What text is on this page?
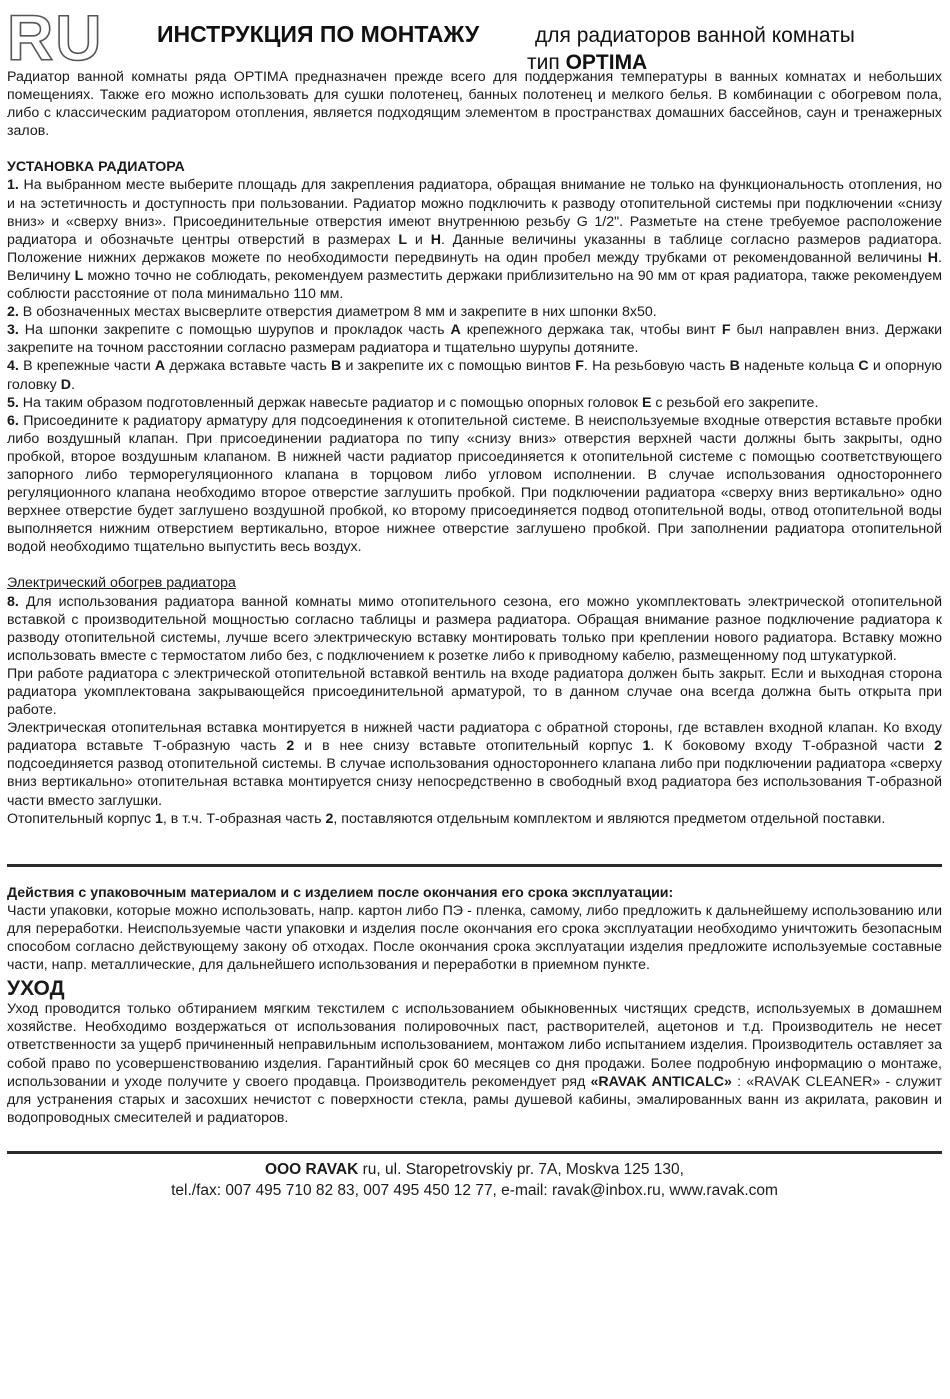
RU ИНСТРУКЦИЯ ПО МОНТАЖУ	для радиаторов ванной комнаты
тип OPTIMA

Радиатор ванной комнаты ряда OPTIMA предназначен прежде всего для поддержания температуры в ванных комнатах и небольших помещениях. Также его можно использовать для сушки полотенец, банных полотенец и мелкого белья. В комбинации с обогревом пола, либо с классическим радиатором отопления, является подходящим элементом в пространствах домашних бассейнов, саун и тренажерных залов.

УСТАНОВКА РАДИАТОРА

1. На выбранном месте выберите площадь для закрепления радиатора, обращая внимание не только на функциональность отопления, но и на эстетичность и доступность при пользовании. Радиатор можно подключить к разводу отопительной системы при подключении «снизу вниз» и «сверху вниз». Присоединительные отверстия имеют внутреннюю резьбу G 1/2". Разметьте на стене требуемое расположение радиатора и обозначьте центры отверстий в размерах L и H. Данные величины указанны в таблице согласно размеров радиатора. Положение нижних держаков можете по необходимости передвинуть на один пробел между трубками от рекомендованной величины H. Величину L можно точно не соблюдать, рекомендуем разместить держаки приблизительно на 90 мм от края радиатора, также рекомендуем соблюсти расстояние от пола минимально 110 мм.

2. В обозначенных местах высверлите отверстия диаметром 8 мм и закрепите в них шпонки 8x50.

3. На шпонки закрепите с помощью шурупов и прокладок часть A крепежного держака так, чтобы винт F был направлен вниз. Держаки закрепите на точном расстоянии согласно размерам радиатора и тщательно шурупы дотяните.

4. В крепежные части A держака вставьте часть B и закрепите их с помощью винтов F. На резьбовую часть B наденьте кольца C и опорную головку D.

5. На таким образом подготовленный держак навесьте радиатор и с помощью опорных головок E с резьбой его закрепите.

6. Присоедините к радиатору арматуру для подсоединения к отопительной системе. В неиспользуемые входные отверстия вставьте пробки либо воздушный клапан. При присоединении радиатора по типу «снизу вниз» отверстия верхней части должны быть закрыты, одно пробкой, второе воздушным клапаном. В нижней части радиатор присоединяется к отопительной системе с помощью соответствующего запорного либо терморегуляционного клапана в торцовом либо угловом исполнении. В случае использования одностороннего регуляционного клапана необходимо второе отверстие заглушить пробкой. При подключении радиатора «сверху вниз вертикально» одно верхнее отверстие будет заглушено воздушной пробкой, ко второму присоединяется подвод отопительной воды, отвод отопительной воды выполняется нижним отверстием вертикально, второе нижнее отверстие заглушено пробкой. При заполнении радиатора отопительной водой необходимо тщательно выпустить весь воздух.

Электрический обогрев радиатора

8. Для использования радиатора ванной комнаты мимо отопительного сезона, его можно укомплектовать электрической отопительной вставкой с производительной мощностью согласно таблицы и размера радиатора. Обращая внимание разное подключение радиатора к разводу отопительной системы, лучше всего электрическую вставку монтировать только при креплении нового радиатора. Вставку можно использовать вместе с термостатом либо без, с подключением к розетке либо к приводному кабелю, размещенному под штукатуркой.

При работе радиатора с электрической отопительной вставкой вентиль на входе радиатора должен быть закрыт. Если и выходная сторона радиатора укомплектована закрывающейся присоединительной арматурой, то в данном случае она всегда должна быть открыта при работе.

Электрическая отопительная вставка монтируется в нижней части радиатора с обратной стороны, где вставлен входной клапан. Ко входу радиатора вставьте Т-образную часть 2 и в нее снизу вставьте отопительный корпус 1. К боковому входу Т-образной части 2 подсоединяется развод отопительной системы. В случае использования одностороннего клапана либо при подключении радиатора «сверху вниз вертикально» отопительная вставка монтируется снизу непосредственно в свободный вход радиатора без использования Т-образной части вместо заглушки.

Отопительный корпус 1, в т.ч. Т-образная часть 2, поставляются отдельным комплектом и являются предметом отдельной поставки.

Действия с упаковочным материалом и с изделием после окончания его срока эксплуатации:

Части упаковки, которые можно использовать, напр. картон либо ПЭ - пленка, самому, либо предложить к дальнейшему использованию или для переработки. Неиспользуемые части упаковки и изделия после окончания его срока эксплуатации необходимо уничтожить безопасным способом согласно действующему закону об отходах. После окончания срока эксплуатации изделия предложите используемые составные части, напр. металлические, для дальнейшего использования и переработки в приемном пункте.

УХОД

Уход проводится только обтиранием мягким текстилем с использованием обыкновенных чистящих средств, используемых в домашнем хозяйстве. Необходимо воздержаться от использования полировочных паст, растворителей, ацетонов и т.д. Производитель не несет ответственности за ущерб причиненный неправильным использованием, монтажом либо испытанием изделия. Производитель оставляет за собой право по усовершенствованию изделия. Гарантийный срок 60 месяцев со дня продажи. Более подробную информацию о монтаже, использовании и уходе получите у своего продавца. Производитель рекомендует ряд «RAVAK ANTICALC» : «RAVAK CLEANER» - служит для устранения старых и засохших нечистот с поверхности стекла, рамы душевой кабины, эмалированных ванн из акрилата, раковин и водопроводных смесителей и радиаторов.

OOO RAVAK ru, ul. Staropetrovskiy pr. 7A, Moskva 125 130,
tel./fax: 007 495 710 82 83, 007 495 450 12 77, e-mail: ravak@inbox.ru, www.ravak.com
